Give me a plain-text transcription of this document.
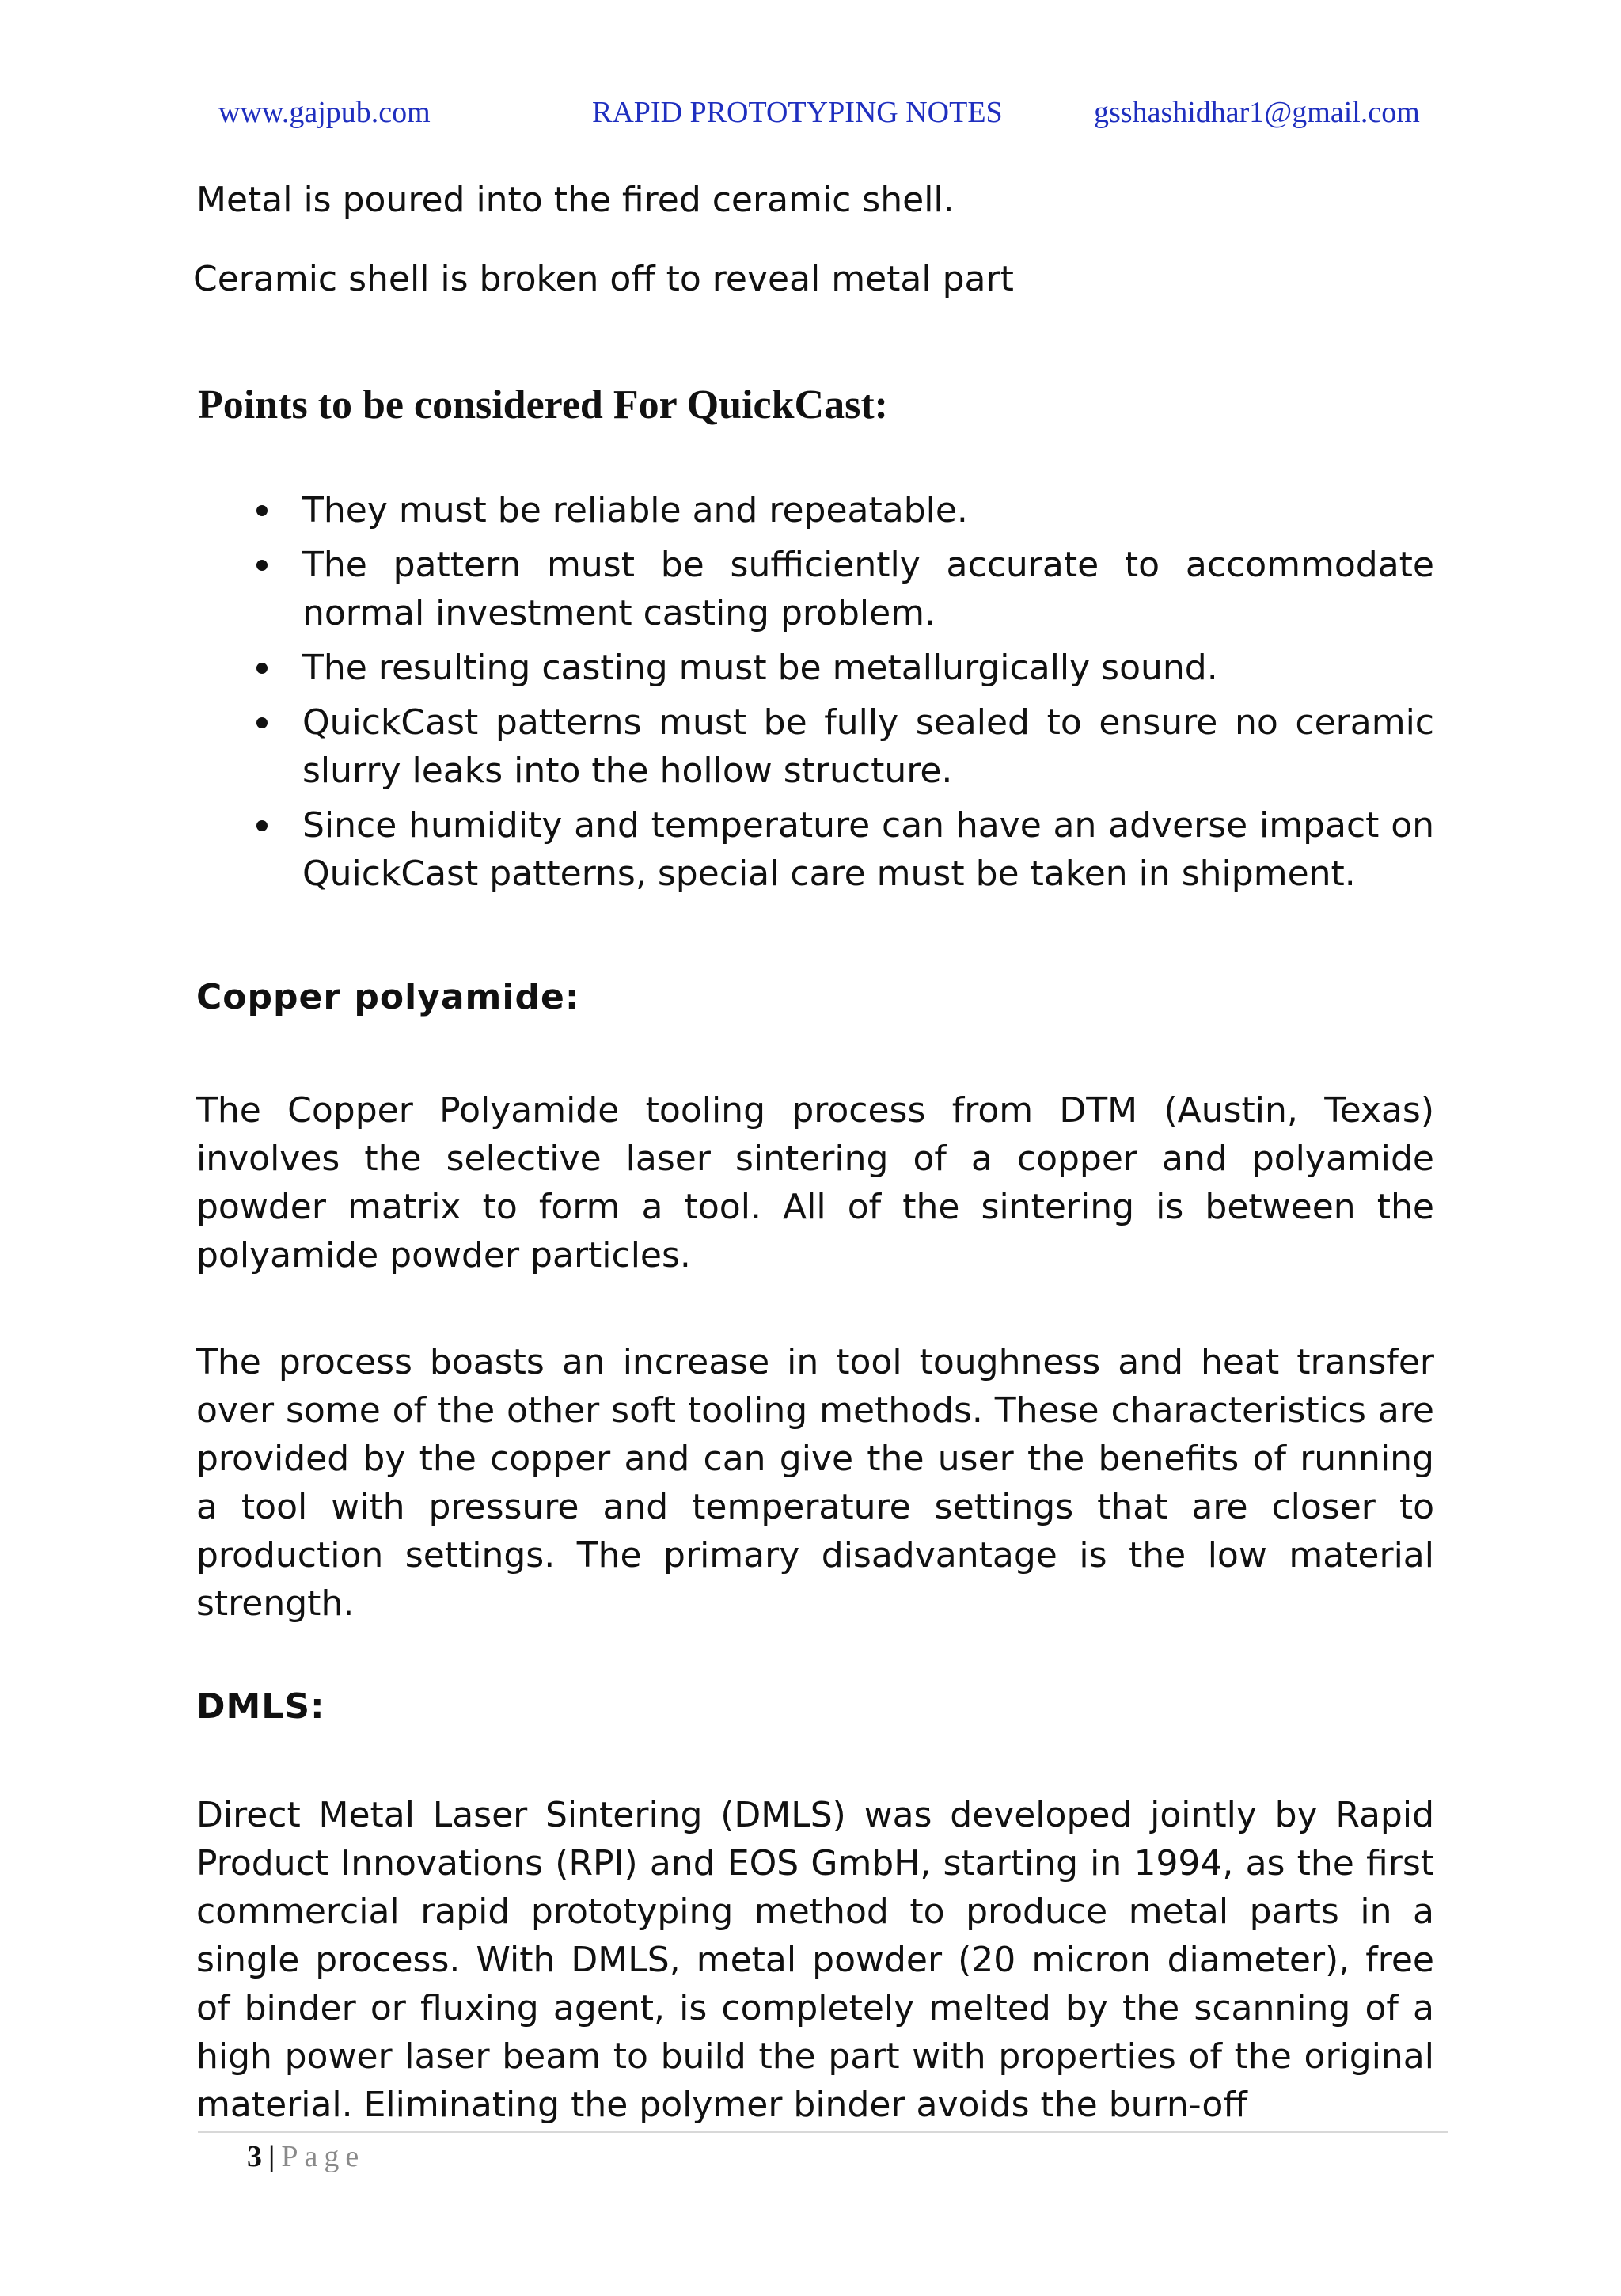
www.gajpub.com	RAPID PROTOTYPING NOTES	gsshashidhar1@gmail.com
Metal is poured into the fired ceramic shell.
Ceramic shell is broken off to reveal metal part
Points to be considered For QuickCast:
They must be reliable and repeatable.
The pattern must be sufficiently accurate to accommodate normal investment casting problem.
The resulting casting must be metallurgically sound.
QuickCast patterns must be fully sealed to ensure no ceramic slurry leaks into the hollow structure.
Since humidity and temperature can have an adverse impact on QuickCast patterns, special care must be taken in shipment.
Copper polyamide:

The Copper Polyamide tooling process from DTM (Austin, Texas) involves the selective laser sintering of a copper and polyamide powder matrix to form a tool. All of the sintering is between the polyamide powder particles.

The process boasts an increase in tool toughness and heat transfer over some of the other soft tooling methods. These characteristics are provided by the copper and can give the user the benefits of running a tool with pressure and temperature settings that are closer to production settings. The primary disadvantage is the low material strength.

DMLS:

Direct Metal Laser Sintering (DMLS) was developed jointly by Rapid Product Innovations (RPI) and EOS GmbH, starting in 1994, as the first commercial rapid prototyping method to produce metal parts in a single process. With DMLS, metal powder (20 micron diameter), free of binder or fluxing agent, is completely melted by the scanning of a high power laser beam to build the part with properties of the original material. Eliminating the polymer binder avoids the burn-off

3 | Page
